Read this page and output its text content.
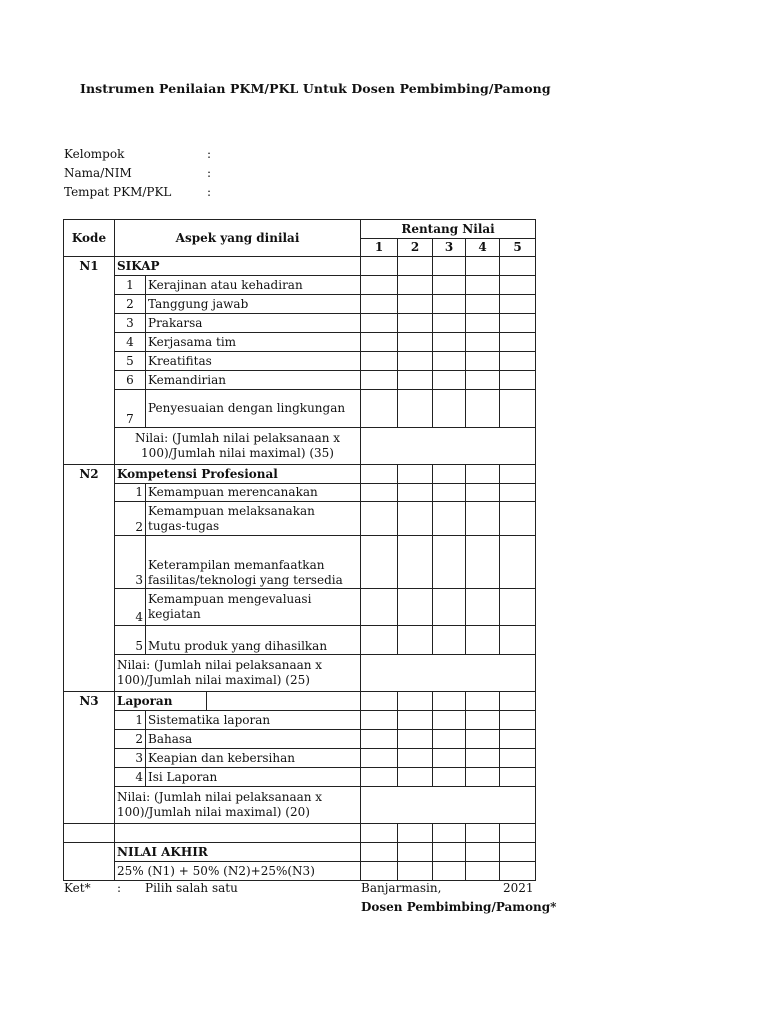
Instrumen Penilaian PKM/PKL Untuk Dosen Pembimbing/Pamong
Kelompok	:
Nama/NIM	:
Tempat PKM/PKL	:
Kode	Aspek yang dinilai			Rentang Nilai				
				1	2	3	4	5
N1	SIKAP							
	1	Kerajinan atau kehadiran						
	2	Tanggung jawab						
	3	Prakarsa						
	4	Kerjasama tim						
	5	Kreatifitas						
	6	Kemandirian						
	7	Penyesuaian dengan lingkungan						

	Nilai: (Jumlah nilai pelaksanaan x
100)/Jumlah nilai maximal) (35)							

N2	Kompetensi Profesional							
	1	Kemampuan merencanakan						

	2	Kemampuan melaksanakan
tugas-tugas						

	3	Keterampilan memanfaatkan
fasilitas/teknologi yang tersedia						

	4	Kemampuan mengevaluasi
kegiatan						

	5	Mutu produk yang dihasilkan						

	Nilai: (Jumlah nilai pelaksanaan x
100)/Jumlah nilai maximal) (25)							

N3	Laporan							
	1	Sistematika laporan						
	2	Bahasa						
	3	Keapian dan kebersihan						
	4	Isi Laporan						

	Nilai: (Jumlah nilai pelaksanaan x
100)/Jumlah nilai maximal) (20)							

	NILAI AKHIR							
	25% (N1) + 50% (N2)+25%(N3)							
Ket* : Pilih salah satu	Banjarmasin,	2021
Dosen Pembimbing/Pamong*
